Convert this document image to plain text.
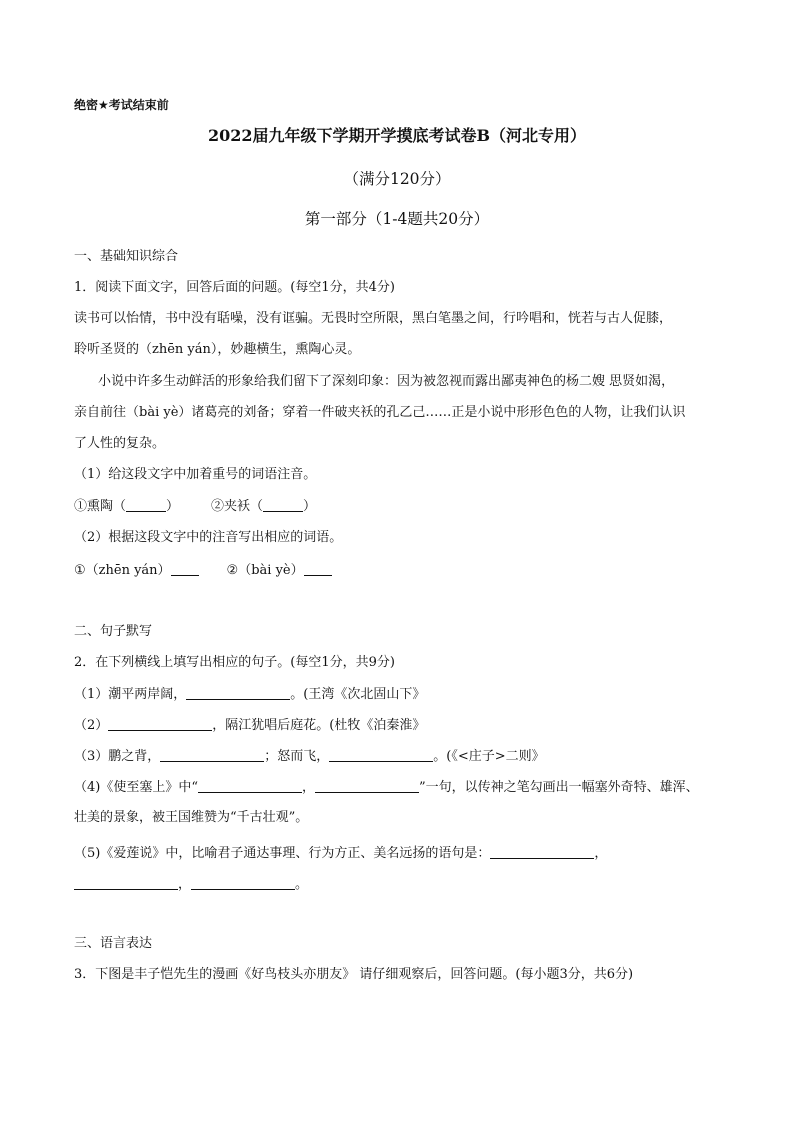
绝密★考试结束前
2022届九年级下学期开学摸底考试卷B（河北专用）
（满分120分）
第一部分（1-4题共20分）
一、基础知识综合
1．阅读下面文字，回答后面的问题。(每空1分，共4分)
读书可以怡情，书中没有聒噪，没有诓骗。无畏时空所限，黑白笔墨之间，行吟唱和，恍若与古人促膝，
聆听圣贤的（zhēn yán），妙趣横生，熏陶心灵。
小说中许多生动鲜活的形象给我们留下了深刻印象：因为被忽视而露出鄙夷神色的杨二嫂 思贤如渴，
亲自前往（bài yè）诸葛亮的刘备；穿着一件破夹袄的孔乙己……正是小说中形形色色的人物，让我们认识
了人性的复杂。
（1）给这段文字中加着重号的词语注音。
①熏陶（	） ②夹袄（	）
（2）根据这段文字中的注音写出相应的词语。
①（zhēn yán）	②（bài yè）
二、句子默写
2．在下列横线上填写出相应的句子。(每空1分，共9分)
（1）潮平两岸阔，	。(王湾《次北固山下》
（2）	，隔江犹唱后庭花。(杜牧《泊秦淮》
（3）鹏之背，	；怒而飞，	。(《<庄子>二则》
（4)《使至塞上》中“	，	”一句，以传神之笔勾画出一幅塞外奇特、雄浑、
壮美的景象，被王国维赞为“千古壮观”。
（5)《爱莲说》中，比喻君子通达事理、行为方正、美名远扬的语句是：	，
，	。
三、语言表达
3．下图是丰子恺先生的漫画《好鸟枝头亦朋友》 请仔细观察后，回答问题。(每小题3分，共6分)
